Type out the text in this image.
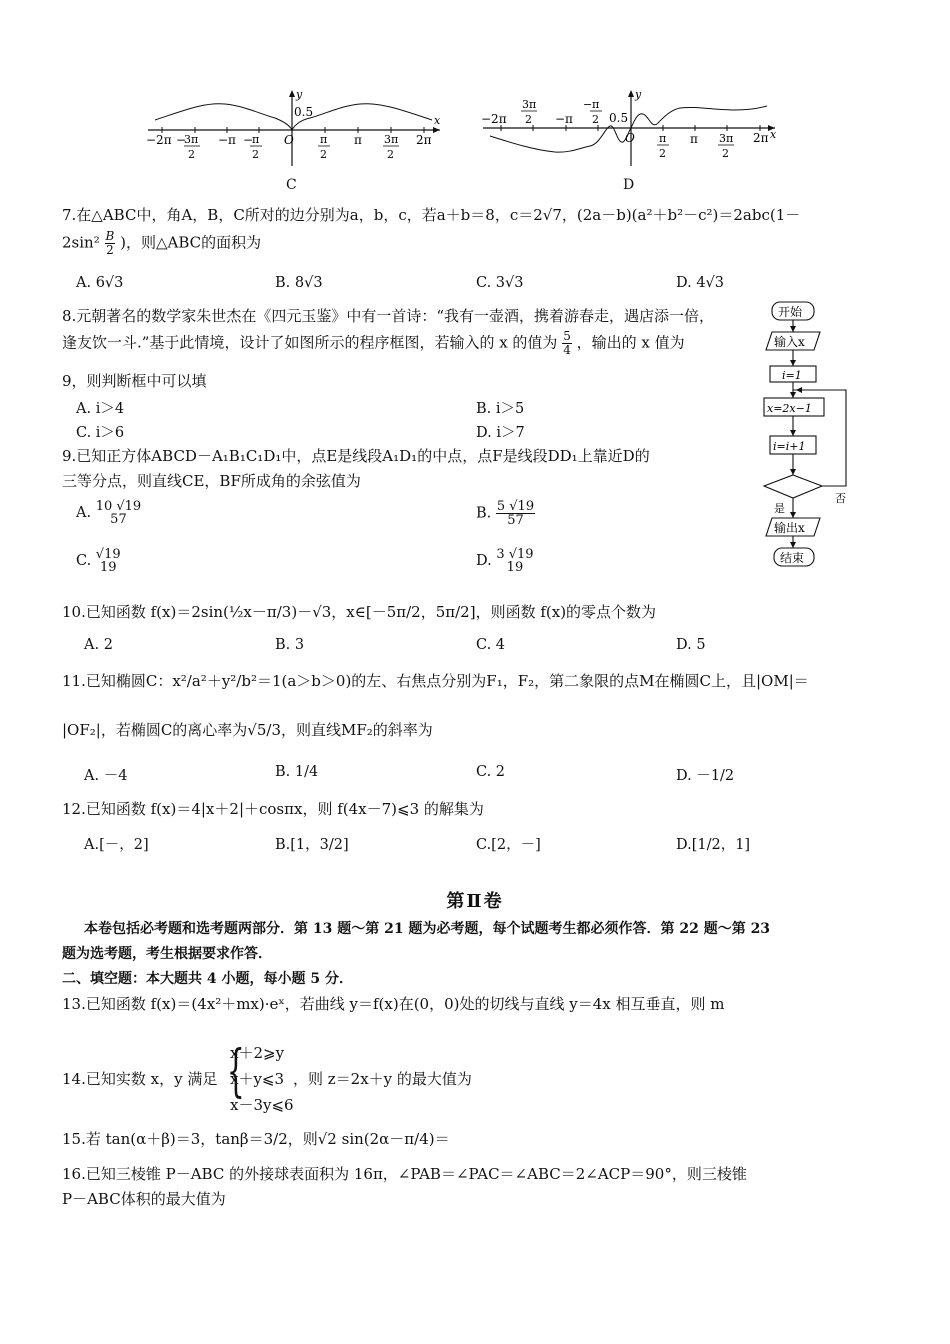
y
x
0.5
−2π −
3π
2
−π −
π
2
O π
2
π 3π
2
2π
C
y
x
0.5
−2π
3π
2 −π
− π
2
O π
2
π 3π
2
2π
D
7.在△ABC中，角A，B，C所对的边分别为a，b，c，若a＋b＝8，c＝2√7，(2a－b)(a²＋b²－c²)＝2abc(1－
$2\sin^2 \frac{B}{2}$ )，则△ABC的面积为
A. 6√3	B. 8√3	C. 3√3	D. 4√3
8.元朝著名的数学家朱世杰在《四元玉鉴》中有一首诗：“我有一壶酒，携着游春走，遇店添一倍，
逢友饮一斗.”基于此情境，设计了如图所示的程序框图，若输入的 x 的值为 $\frac{5}{4}$ ，输出的 x 值为
9，则判断框中可以填
A. i＞4	B. i＞5
C. i＞6	D. i＞7
开始
输入x
i=1
x=2x−1
i=i+1
否
是
输出x
结束
9.已知正方体ABCD－A₁B₁C₁D₁中，点E是线段A₁D₁的中点，点F是线段DD₁上靠近D的
三等分点，则直线CE，BF所成角的余弦值为
A. 10 √19
57	B. $\frac{5 √19}{57}$
C. √19
19	D. 3 √19
19
10.已知函数 f(x)＝2sin(½x－π/3)－√3，x∈[－5π/2，5π/2]，则函数 f(x)的零点个数为
A. 2	B. 3	C. 4	D. 5
11.已知椭圆C：x²/a²＋y²/b²＝1(a＞b＞0)的左、右焦点分别为F₁，F₂，第二象限的点M在椭圆C上，且|OM|＝
|OF₂|，若椭圆C的离心率为√5/3，则直线MF₂的斜率为
A. －4	B. 1/4	C. 2	D. －1/2
12.已知函数 f(x)＝4|x＋2|＋cosπx，则 f(4x－7)⩽3 的解集为
A.[－，2]	B.[1，3/2]	C.[2，－]	D.[1/2，1]
第Ⅱ卷
本卷包括必考题和选考题两部分．第 13 题～第 21 题为必考题，每个试题考生都必须作答．第 22 题～第 23
题为选考题，考生根据要求作答．
二、填空题：本大题共 4 小题，每小题 5 分．
13.已知函数 f(x)＝(4x²＋mx)·eˣ，若曲线 y＝f(x)在(0，0)处的切线与直线 y＝4x 相互垂直，则 m
14.已知实数 x，y 满足 {
x＋2⩾y
x＋y⩽3
x－3y⩽6
，则 z＝2x＋y 的最大值为
15.若 tan(α＋β)＝3，tanβ＝3/2，则√2 sin(2α－π/4)＝
16.已知三棱锥 P－ABC 的外接球表面积为 16π，∠PAB＝∠PAC＝∠ABC＝2∠ACP＝90°，则三棱锥
P－ABC体积的最大值为
